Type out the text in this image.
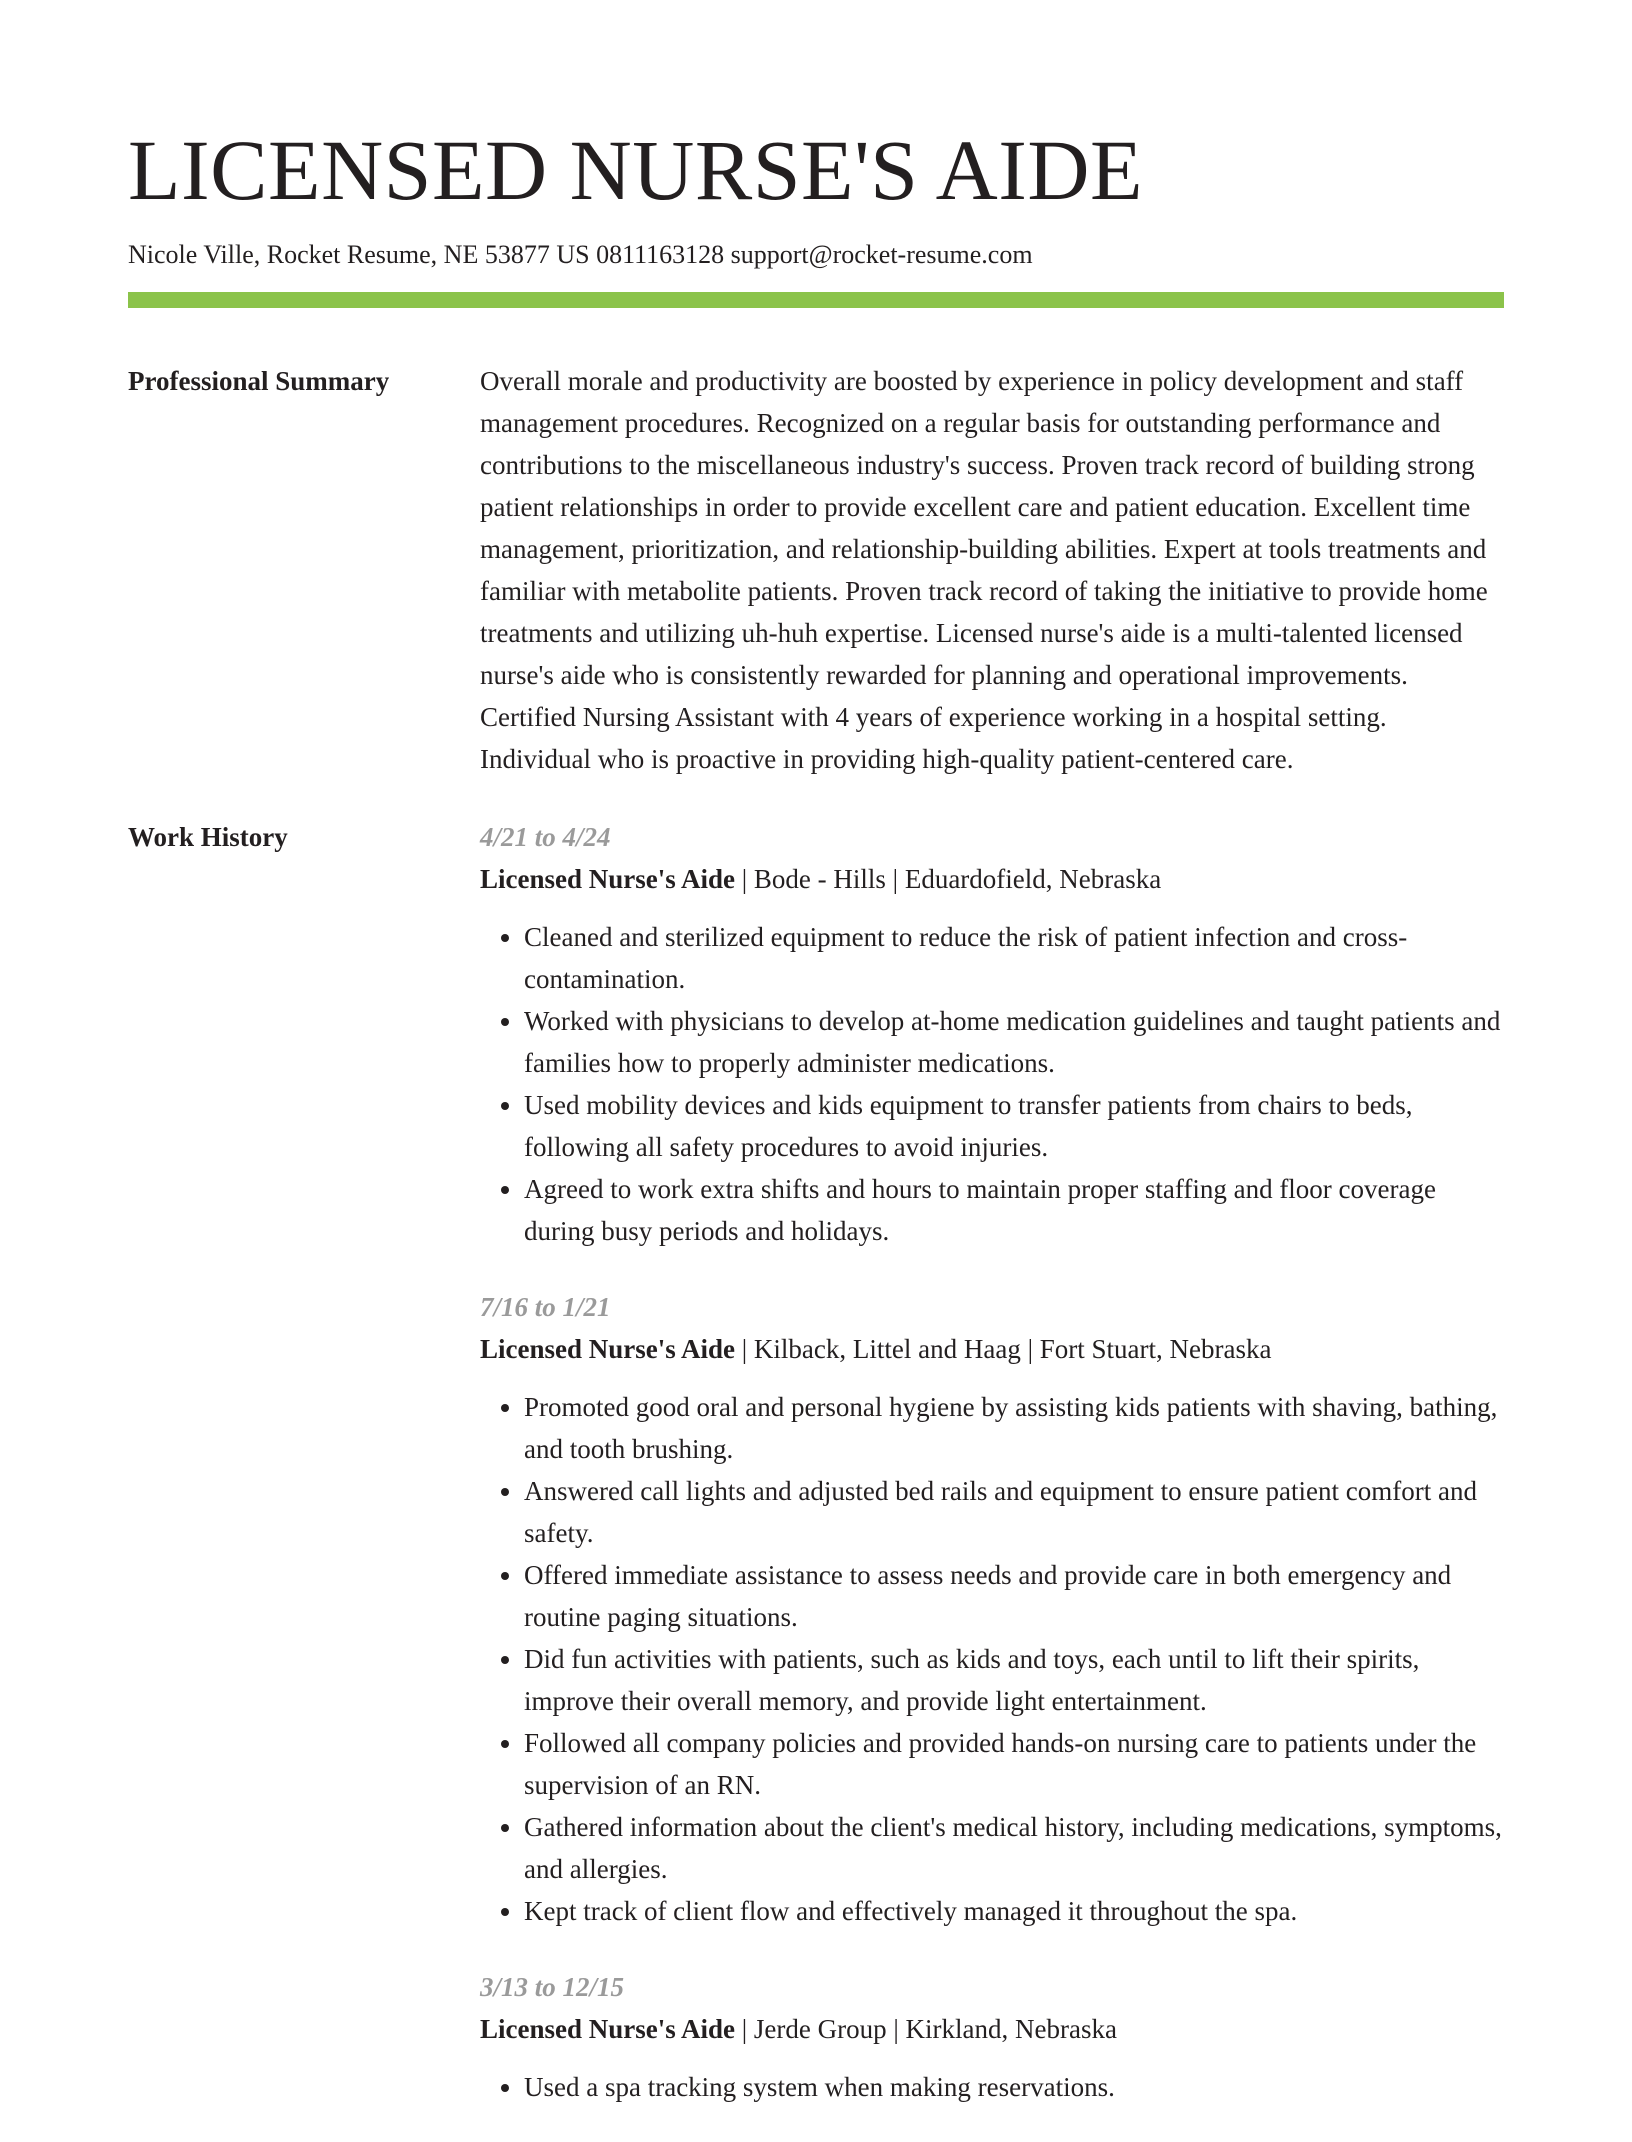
LICENSED NURSE'S AIDE
Nicole Ville, Rocket Resume, NE 53877 US 0811163128 support@rocket-resume.com
Professional Summary	Overall morale and productivity are boosted by experience in policy development and staff management procedures. Recognized on a regular basis for outstanding performance and contributions to the miscellaneous industry's success. Proven track record of building strong patient relationships in order to provide excellent care and patient education. Excellent time management, prioritization, and relationship-building abilities. Expert at tools treatments and familiar with metabolite patients. Proven track record of taking the initiative to provide home treatments and utilizing uh-huh expertise. Licensed nurse's aide is a multi-talented licensed nurse's aide who is consistently rewarded for planning and operational improvements. Certified Nursing Assistant with 4 years of experience working in a hospital setting. Individual who is proactive in providing high-quality patient-centered care.

Work History	4/21 to 4/24
Licensed Nurse's Aide | Bode - Hills | Eduardofield, Nebraska
• Cleaned and sterilized equipment to reduce the risk of patient infection and cross-contamination.
• Worked with physicians to develop at-home medication guidelines and taught patients and families how to properly administer medications.
• Used mobility devices and kids equipment to transfer patients from chairs to beds, following all safety procedures to avoid injuries.
• Agreed to work extra shifts and hours to maintain proper staffing and floor coverage during busy periods and holidays.
7/16 to 1/21
Licensed Nurse's Aide | Kilback, Littel and Haag | Fort Stuart, Nebraska
• Promoted good oral and personal hygiene by assisting kids patients with shaving, bathing, and tooth brushing.
• Answered call lights and adjusted bed rails and equipment to ensure patient comfort and safety.
• Offered immediate assistance to assess needs and provide care in both emergency and routine paging situations.
• Did fun activities with patients, such as kids and toys, each until to lift their spirits, improve their overall memory, and provide light entertainment.
• Followed all company policies and provided hands-on nursing care to patients under the supervision of an RN.
• Gathered information about the client's medical history, including medications, symptoms, and allergies.
• Kept track of client flow and effectively managed it throughout the spa.
3/13 to 12/15
Licensed Nurse's Aide | Jerde Group | Kirkland, Nebraska
• Used a spa tracking system when making reservations.
